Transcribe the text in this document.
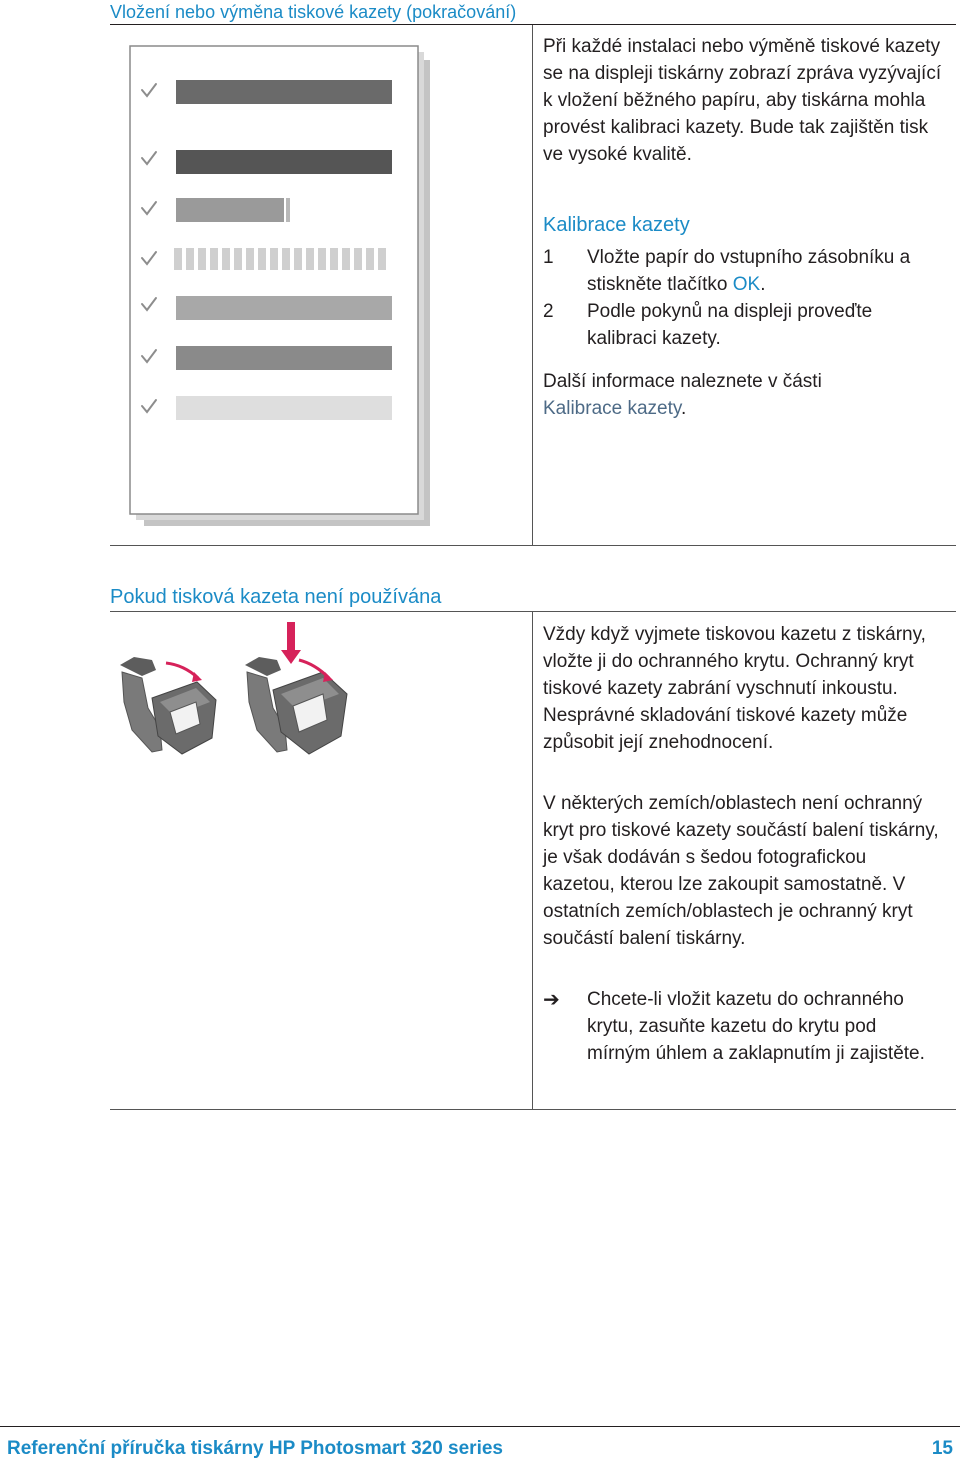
Vložení nebo výměna tiskové kazety (pokračování)

Při každé instalaci nebo výměně tiskové kazety se na displeji tiskárny zobrazí zpráva vyzývající k vložení běžného papíru, aby tiskárna mohla provést kalibraci kazety. Bude tak zajištěn tisk ve vysoké kvalitě.

Kalibrace kazety
1 Vložte papír do vstupního zásobníku a stiskněte tlačítko OK.
2 Podle pokynů na displeji proveďte kalibraci kazety.

Další informace naleznete v části
Kalibrace kazety.

Pokud tisková kazeta není používána

Vždy když vyjmete tiskovou kazetu z tiskárny, vložte ji do ochranného krytu. Ochranný kryt tiskové kazety zabrání vyschnutí inkoustu. Nesprávné skladování tiskové kazety může způsobit její znehodnocení.

V některých zemích/oblastech není ochranný kryt pro tiskové kazety součástí balení tiskárny, je však dodáván s šedou fotografickou kazetou, kterou lze zakoupit samostatně. V ostatních zemích/oblastech je ochranný kryt součástí balení tiskárny.

➔ Chcete-li vložit kazetu do ochranného krytu, zasuňte kazetu do krytu pod mírným úhlem a zaklapnutím ji zajistěte.

Referenční příručka tiskárny HP Photosmart 320 series	15
